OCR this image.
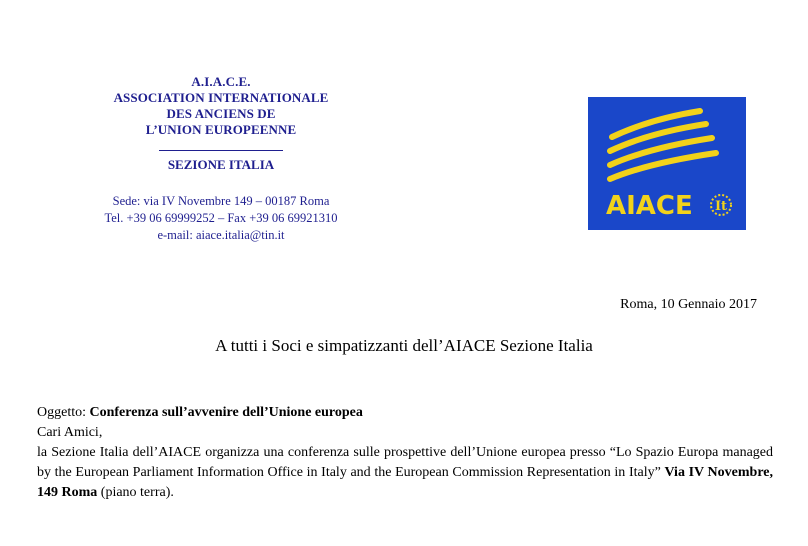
A.I.A.C.E.
ASSOCIATION INTERNATIONALE
DES ANCIENS DE
L’UNION EUROPEENNE
SEZIONE ITALIA
Sede: via IV Novembre 149 – 00187 Roma
Tel. +39 06 69999252 – Fax +39 06 69921310
e-mail: aiace.italia@tin.it
AIACE It
Roma, 10 Gennaio 2017
A tutti i Soci e simpatizzanti dell’AIACE Sezione Italia

Oggetto: Conferenza sull’avvenire dell’Unione europea

Cari Amici,

la Sezione Italia dell’AIACE organizza una conferenza sulle prospettive dell’Unione europea presso “Lo Spazio Europa managed by the European Parliament Information Office in Italy and the European Commission Representation in Italy” Via IV Novembre, 149 Roma (piano terra).
